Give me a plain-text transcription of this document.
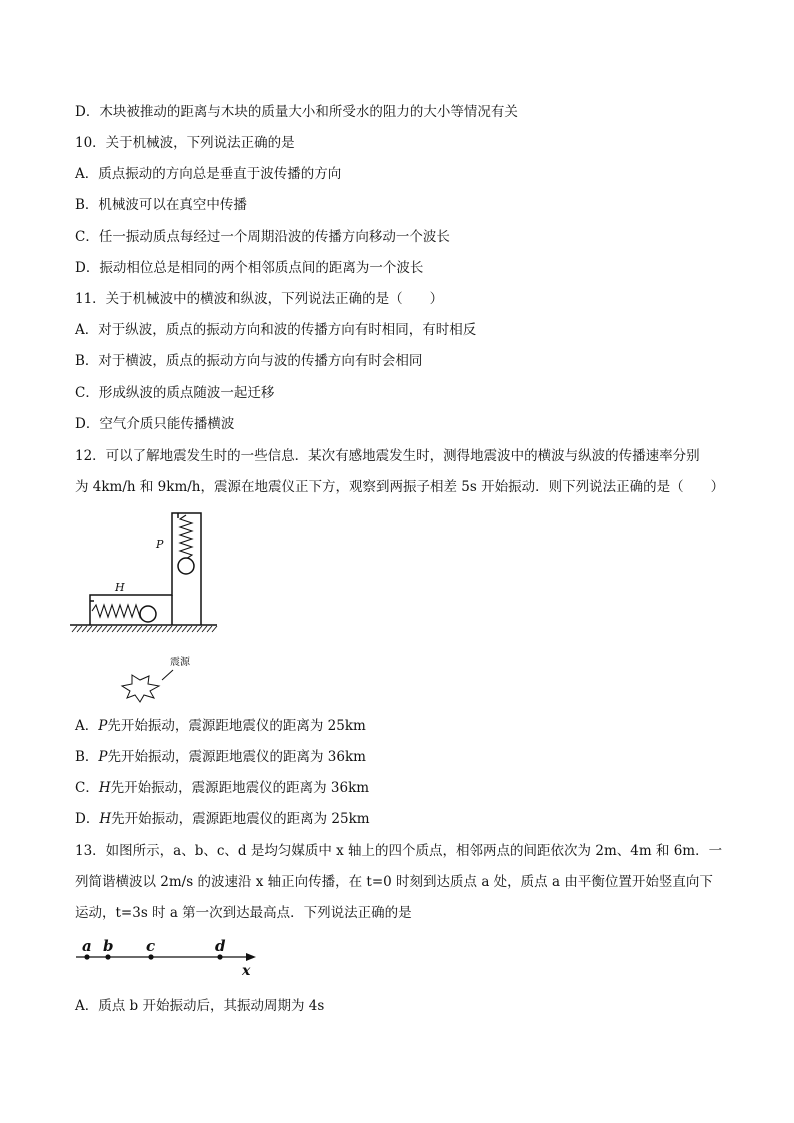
D．木块被推动的距离与木块的质量大小和所受水的阻力的大小等情况有关
10．关于机械波，下列说法正确的是
A．质点振动的方向总是垂直于波传播的方向
B．机械波可以在真空中传播
C．任一振动质点每经过一个周期沿波的传播方向移动一个波长
D．振动相位总是相同的两个相邻质点间的距离为一个波长
11．关于机械波中的横波和纵波，下列说法正确的是（　　）
A．对于纵波，质点的振动方向和波的传播方向有时相同，有时相反
B．对于横波，质点的振动方向与波的传播方向有时会相同
C．形成纵波的质点随波一起迁移
D．空气介质只能传播横波
12．可以了解地震发生时的一些信息．某次有感地震发生时，测得地震波中的横波与纵波的传播速率分别
为 4km/h 和 9km/h，震源在地震仪正下方，观察到两振子相差 5s 开始振动．则下列说法正确的是（　　）
P
H
震源
A．P先开始振动，震源距地震仪的距离为 25km
B．P先开始振动，震源距地震仪的距离为 36km
C．H先开始振动，震源距地震仪的距离为 36km
D．H先开始振动，震源距地震仪的距离为 25km
13．如图所示，a、b、c、d 是均匀媒质中 x 轴上的四个质点，相邻两点的间距依次为 2m、4m 和 6m．一
列简谐横波以 2m/s 的波速沿 x 轴正向传播，在 t=0 时刻到达质点 a 处，质点 a 由平衡位置开始竖直向下
运动，t=3s 时 a 第一次到达最高点．下列说法正确的是
a b c	d
x
A．质点 b 开始振动后，其振动周期为 4s
